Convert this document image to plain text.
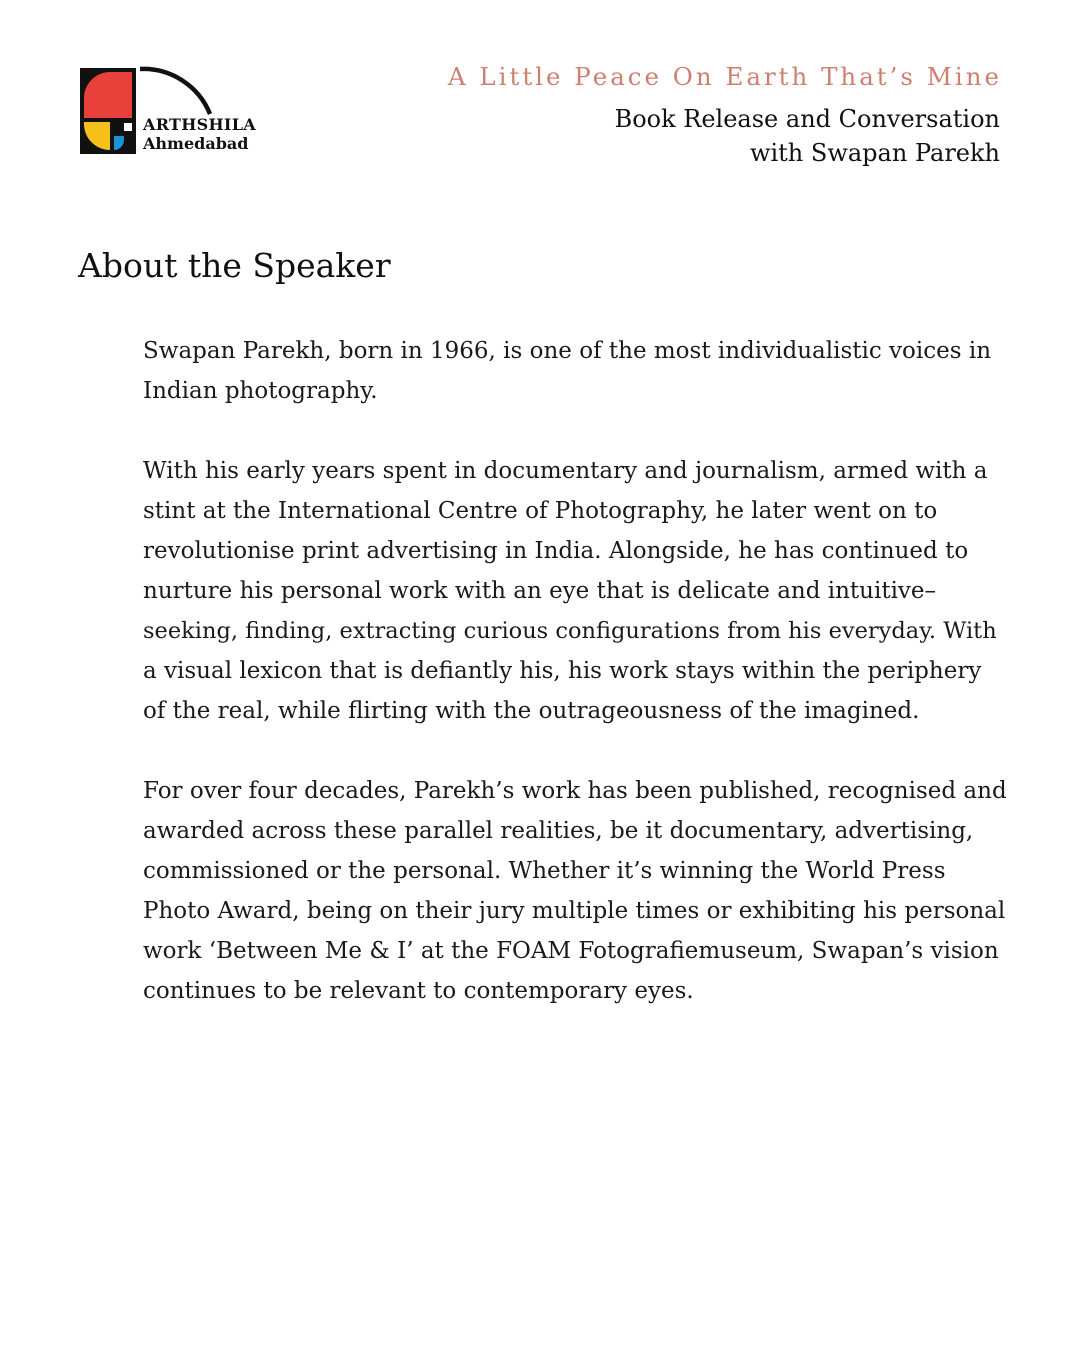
ARTHSHILA
Ahmedabad
A Little Peace On Earth That’s Mine
Book Release and Conversation
with Swapan Parekh
About the Speaker

Swapan Parekh, born in 1966, is one of the most individualistic voices in
Indian photography.

With his early years spent in documentary and journalism, armed with a
stint at the International Centre of Photography, he later went on to
revolutionise print advertising in India. Alongside, he has continued to
nurture his personal work with an eye that is delicate and intuitive–
seeking, finding, extracting curious configurations from his everyday. With
a visual lexicon that is defiantly his, his work stays within the periphery
of the real, while flirting with the outrageousness of the imagined.

For over four decades, Parekh’s work has been published, recognised and
awarded across these parallel realities, be it documentary, advertising,
commissioned or the personal. Whether it’s winning the World Press
Photo Award, being on their jury multiple times or exhibiting his personal
work ‘Between Me & I’ at the FOAM Fotografiemuseum, Swapan’s vision
continues to be relevant to contemporary eyes.
